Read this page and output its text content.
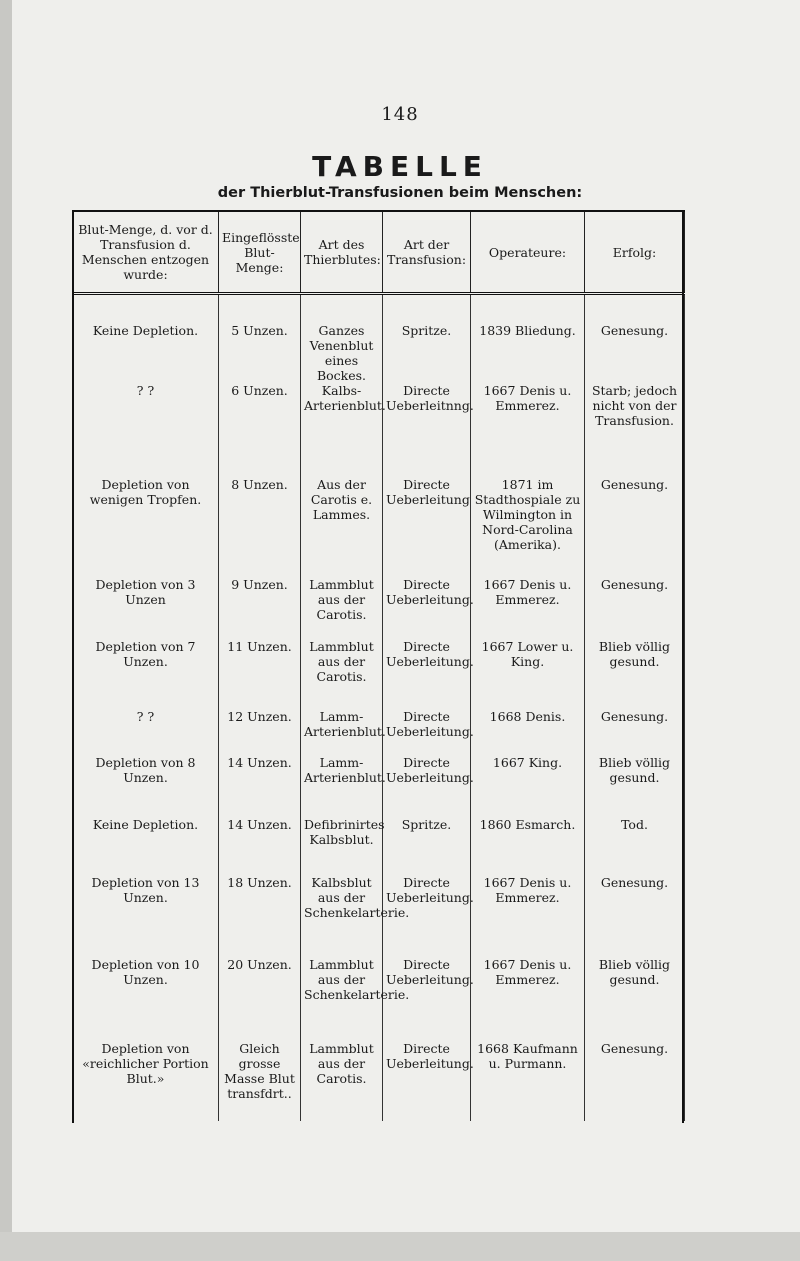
148
TABELLE
der Thierblut-Transfusionen beim Menschen:
Blut-Menge, d. vor d. Transfusion d. Menschen entzogen wurde:	Eingeflösste Blut-Menge:	Art des Thierblutes:	Art der Transfusion:	Operateure:	Erfolg:
Keine Depletion.	5 Unzen.	Ganzes Venenblut eines Bockes.	Spritze.	1839 Bliedung.	Genesung.
? ?	6 Unzen.	Kalbs-Arterienblut.	Directe Ueberleitnng.	1667 Denis u. Emmerez.	Starb; jedoch nicht von der Transfusion.
Depletion von wenigen Tropfen.	8 Unzen.	Aus der Carotis e. Lammes.	Directe Ueberleitung	1871 im Stadthospiale zu Wilmington in Nord-Carolina (Amerika).	Genesung.
Depletion von 3 Unzen	9 Unzen.	Lammblut aus der Carotis.	Directe Ueberleitung.	1667 Denis u. Emmerez.	Genesung.
Depletion von 7 Unzen.	11 Unzen.	Lammblut aus der Carotis.	Directe Ueberleitung.	1667 Lower u. King.	Blieb völlig gesund.
? ?	12 Unzen.	Lamm-Arterienblut.	Directe Ueberleitung.	1668 Denis.	Genesung.
Depletion von 8 Unzen.	14 Unzen.	Lamm-Arterienblut.	Directe Ueberleitung.	1667 King.	Blieb völlig gesund.
Keine Depletion.	14 Unzen.	Defibrinirtes Kalbsblut.	Spritze.	1860 Esmarch.	Tod.
Depletion von 13 Unzen.	18 Unzen.	Kalbsblut aus der Schenkelarterie.	Directe Ueberleitung.	1667 Denis u. Emmerez.	Genesung.
Depletion von 10 Unzen.	20 Unzen.	Lammblut aus der Schenkelarterie.	Directe Ueberleitung.	1667 Denis u. Emmerez.	Blieb völlig gesund.
Depletion von «reichlicher Portion Blut.»	Gleich grosse Masse Blut transfdrt..	Lammblut aus der Carotis.	Directe Ueberleitung.	1668 Kaufmann u. Purmann.	Genesung.
